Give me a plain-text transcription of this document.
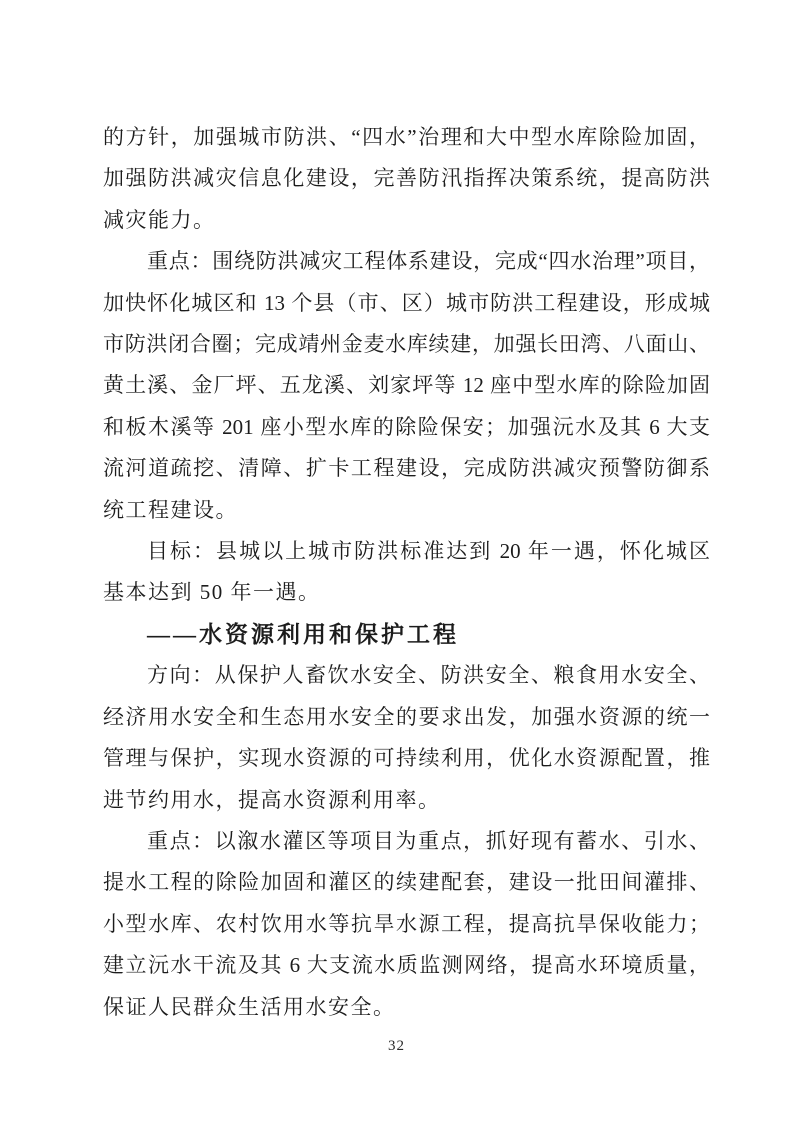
的方针，加强城市防洪、“四水”治理和大中型水库除险加固，
加强防洪减灾信息化建设，完善防汛指挥决策系统，提高防洪
减灾能力。
重点：围绕防洪减灾工程体系建设，完成“四水治理”项目，
加快怀化城区和 13 个县（市、区）城市防洪工程建设，形成城
市防洪闭合圈；完成靖州金麦水库续建，加强长田湾、八面山、
黄土溪、金厂坪、五龙溪、刘家坪等 12 座中型水库的除险加固
和板木溪等 201 座小型水库的除险保安；加强沅水及其 6 大支
流河道疏挖、清障、扩卡工程建设，完成防洪减灾预警防御系
统工程建设。
目标：县城以上城市防洪标准达到 20 年一遇，怀化城区
基本达到 50 年一遇。
——水资源利用和保护工程
方向：从保护人畜饮水安全、防洪安全、粮食用水安全、
经济用水安全和生态用水安全的要求出发，加强水资源的统一
管理与保护，实现水资源的可持续利用，优化水资源配置，推
进节约用水，提高水资源利用率。
重点：以溆水灌区等项目为重点，抓好现有蓄水、引水、
提水工程的除险加固和灌区的续建配套，建设一批田间灌排、
小型水库、农村饮用水等抗旱水源工程，提高抗旱保收能力；
建立沅水干流及其 6 大支流水质监测网络，提高水环境质量，
保证人民群众生活用水安全。
32
